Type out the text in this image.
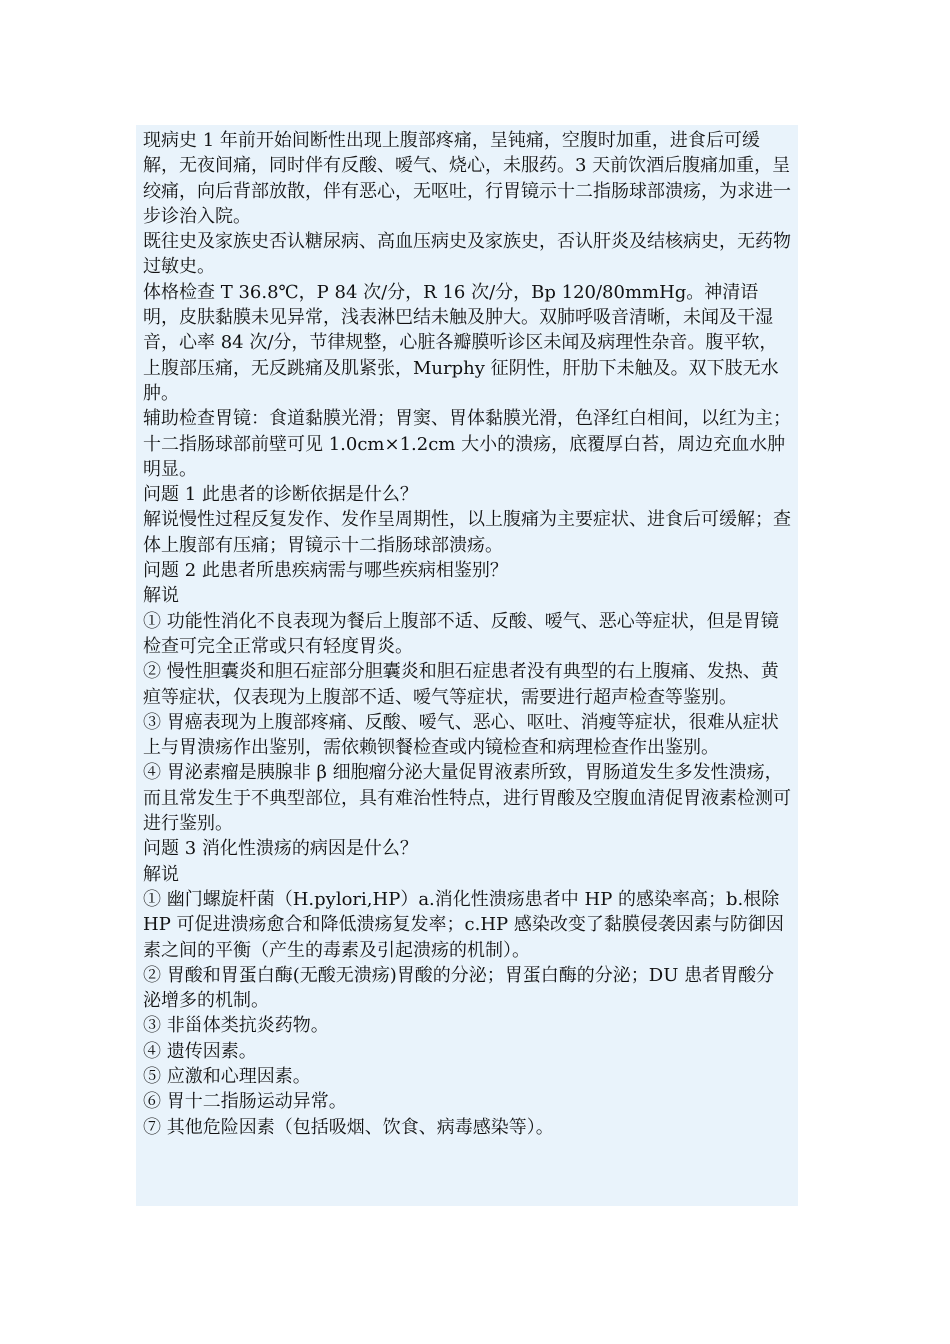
现病史 1 年前开始间断性出现上腹部疼痛，呈钝痛，空腹时加重，进食后可缓解，无夜间痛，同时伴有反酸、嗳气、烧心，未服药。3 天前饮酒后腹痛加重，呈绞痛，向后背部放散，伴有恶心，无呕吐，行胃镜示十二指肠球部溃疡，为求进一步诊治入院。

既往史及家族史否认糖尿病、高血压病史及家族史，否认肝炎及结核病史，无药物过敏史。

体格检查 T 36.8℃，P 84 次/分，R 16 次/分，Bp 120/80mmHg。神清语明，皮肤黏膜未见异常，浅表淋巴结未触及肿大。双肺呼吸音清晰，未闻及干湿音，心率 84 次/分，节律规整，心脏各瓣膜听诊区未闻及病理性杂音。腹平软，上腹部压痛，无反跳痛及肌紧张，Murphy 征阴性，肝肋下未触及。双下肢无水肿。

辅助检查胃镜：食道黏膜光滑；胃窦、胃体黏膜光滑，色泽红白相间，以红为主；十二指肠球部前壁可见 1.0cm×1.2cm 大小的溃疡，底覆厚白苔，周边充血水肿明显。

问题 1 此患者的诊断依据是什么？

解说慢性过程反复发作、发作呈周期性，以上腹痛为主要症状、进食后可缓解；查体上腹部有压痛；胃镜示十二指肠球部溃疡。

问题 2 此患者所患疾病需与哪些疾病相鉴别？

解说

① 功能性消化不良表现为餐后上腹部不适、反酸、嗳气、恶心等症状，但是胃镜检查可完全正常或只有轻度胃炎。

② 慢性胆囊炎和胆石症部分胆囊炎和胆石症患者没有典型的右上腹痛、发热、黄疸等症状，仅表现为上腹部不适、嗳气等症状，需要进行超声检查等鉴别。

③ 胃癌表现为上腹部疼痛、反酸、嗳气、恶心、呕吐、消瘦等症状，很难从症状上与胃溃疡作出鉴别，需依赖钡餐检查或内镜检查和病理检查作出鉴别。

④ 胃泌素瘤是胰腺非 β 细胞瘤分泌大量促胃液素所致，胃肠道发生多发性溃疡，而且常发生于不典型部位，具有难治性特点，进行胃酸及空腹血清促胃液素检测可进行鉴别。

问题 3 消化性溃疡的病因是什么？

解说

① 幽门螺旋杆菌（H.pylori,HP）a.消化性溃疡患者中 HP 的感染率高；b.根除 HP 可促进溃疡愈合和降低溃疡复发率；c.HP 感染改变了黏膜侵袭因素与防御因素之间的平衡（产生的毒素及引起溃疡的机制）。

② 胃酸和胃蛋白酶(无酸无溃疡)胃酸的分泌；胃蛋白酶的分泌；DU 患者胃酸分泌增多的机制。

③ 非甾体类抗炎药物。

④ 遗传因素。

⑤ 应激和心理因素。

⑥ 胃十二指肠运动异常。

⑦ 其他危险因素（包括吸烟、饮食、病毒感染等）。
